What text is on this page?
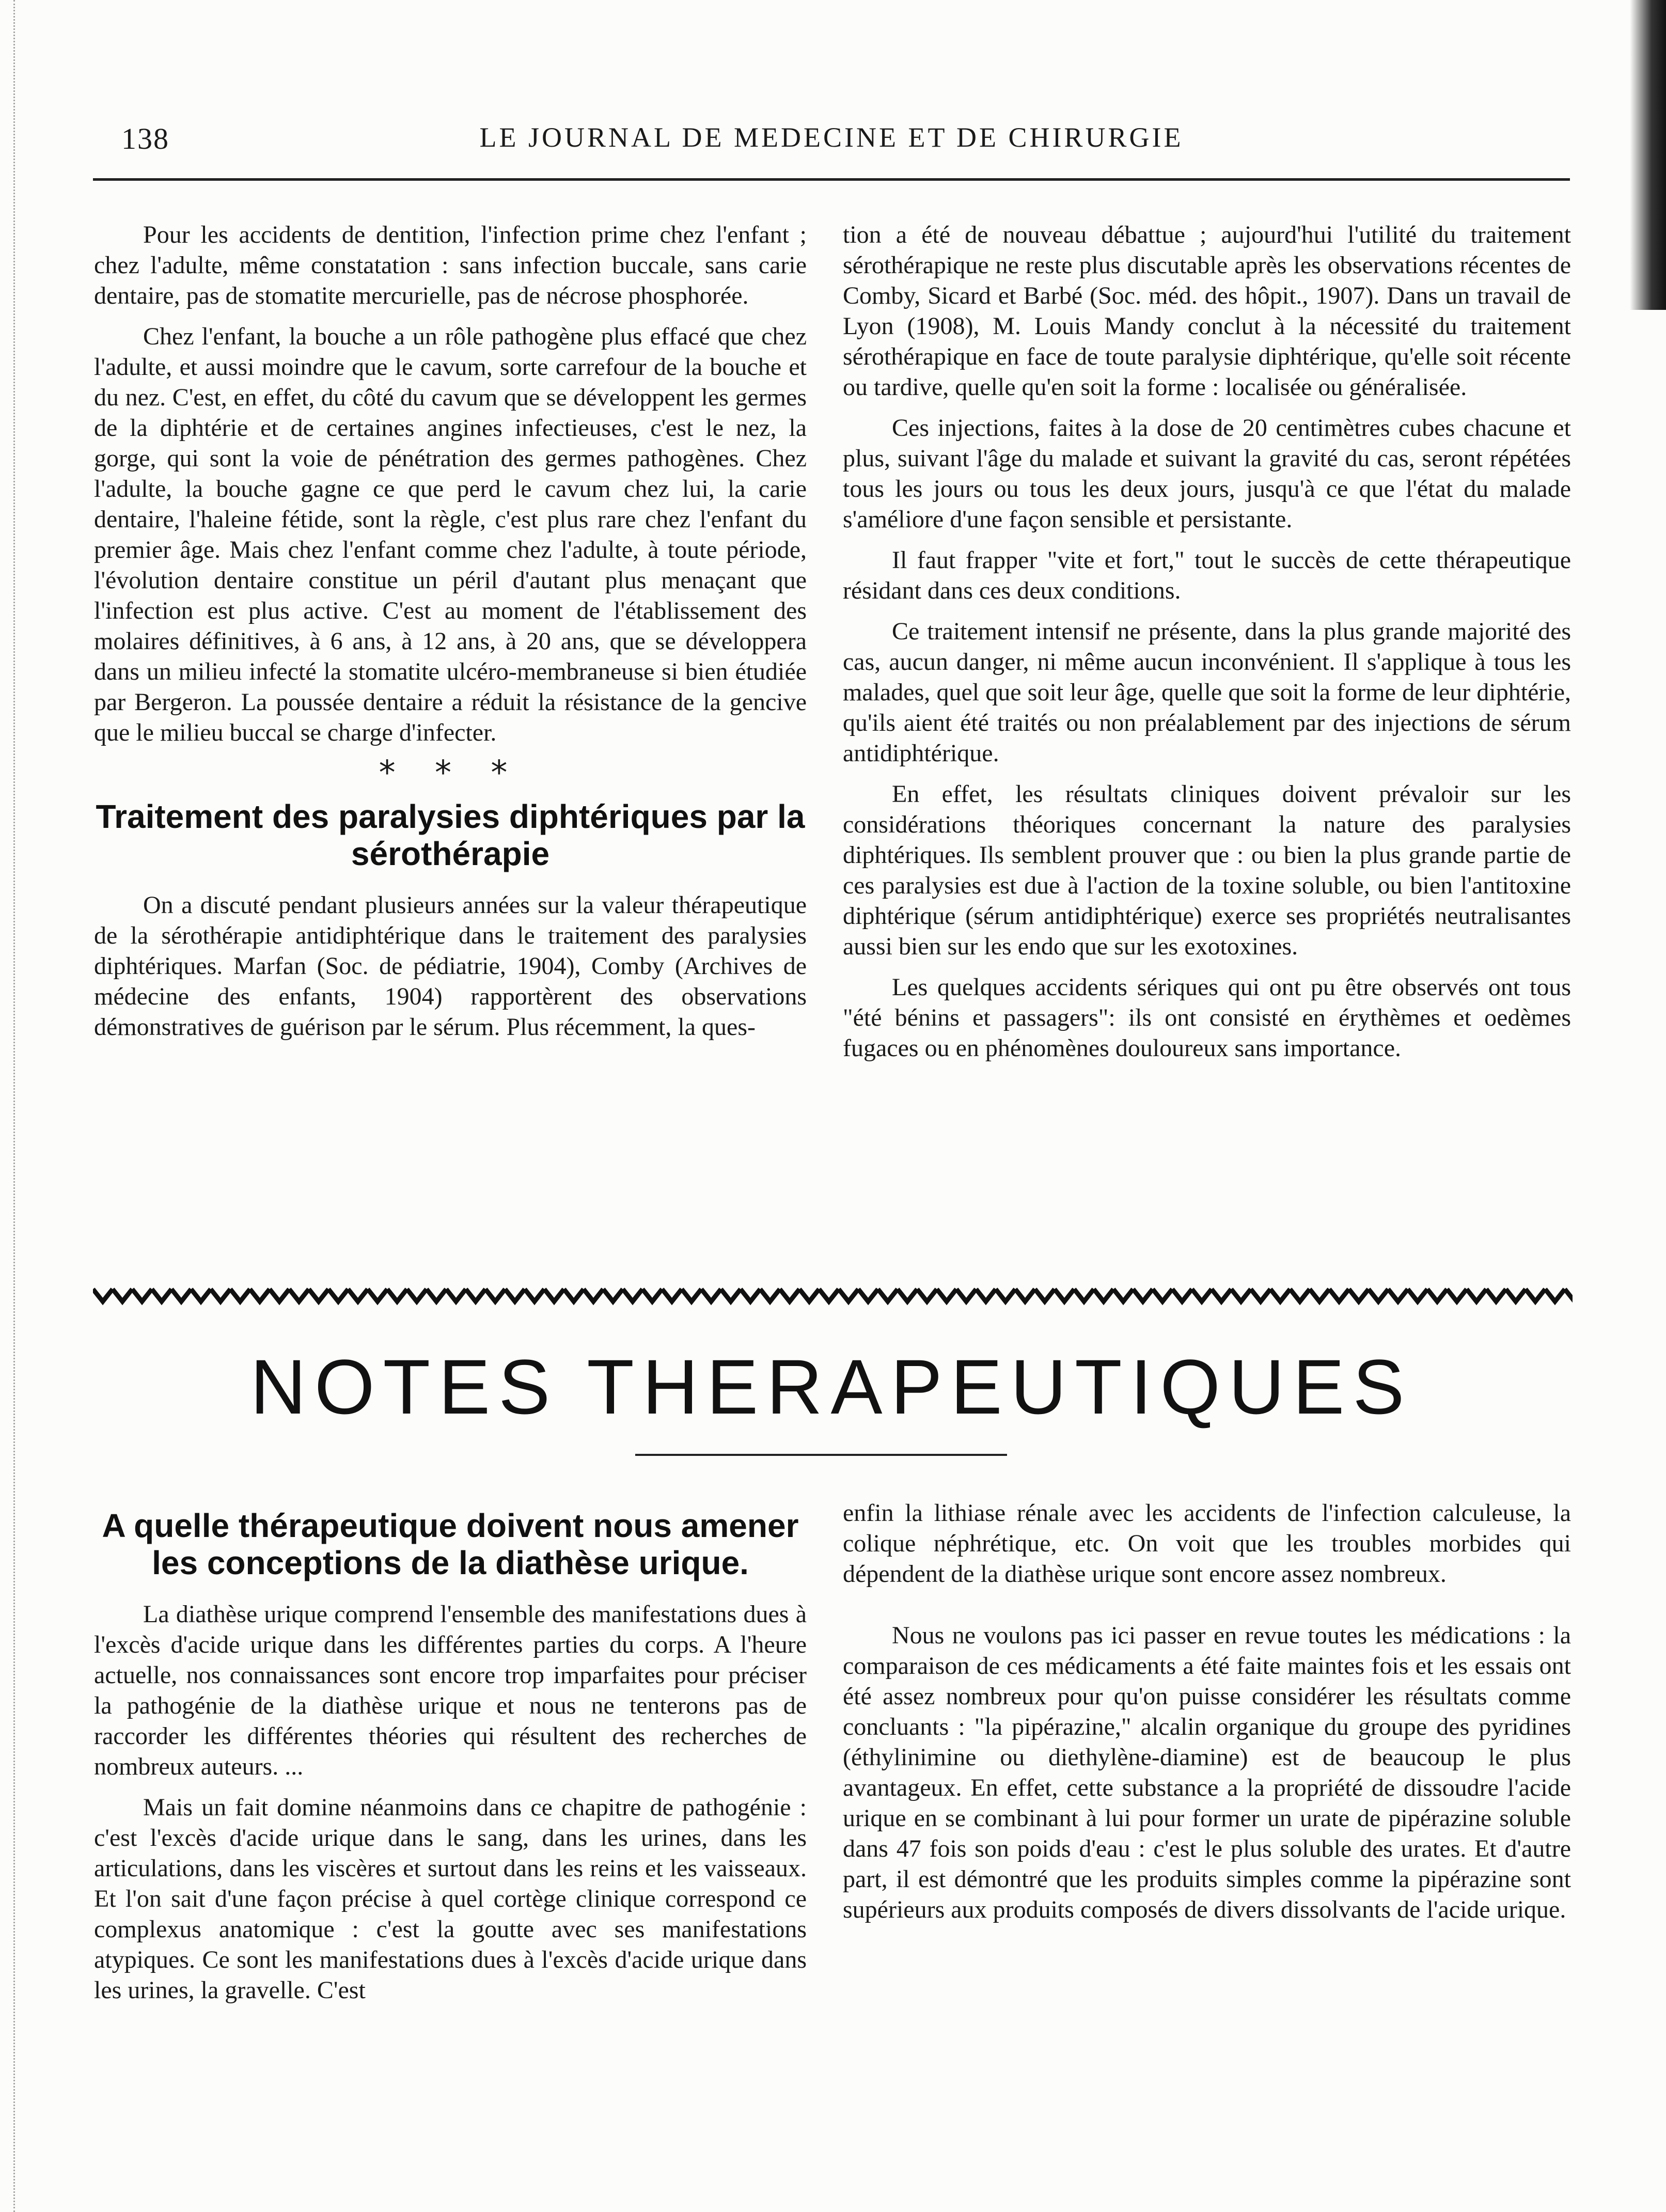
138	LE JOURNAL DE MEDECINE ET DE CHIRURGIE

Pour les accidents de dentition, l'infection prime chez l'enfant ; chez l'adulte, même constatation : sans infection buccale, sans carie dentaire, pas de stomatite mercurielle, pas de nécrose phosphorée.

Chez l'enfant, la bouche a un rôle pathogène plus effacé que chez l'adulte, et aussi moindre que le cavum, sorte carrefour de la bouche et du nez. C'est, en effet, du côté du cavum que se développent les germes de la diphtérie et de certaines angines infectieuses, c'est le nez, la gorge, qui sont la voie de pénétration des germes pathogènes. Chez l'adulte, la bouche gagne ce que perd le cavum chez lui, la carie dentaire, l'haleine fétide, sont la règle, c'est plus rare chez l'enfant du premier âge. Mais chez l'enfant comme chez l'adulte, à toute période, l'évolution dentaire constitue un péril d'autant plus menaçant que l'infection est plus active. C'est au moment de l'établissement des molaires définitives, à 6 ans, à 12 ans, à 20 ans, que se développera dans un milieu infecté la stomatite ulcéro-membraneuse si bien étudiée par Bergeron. La poussée dentaire a réduit la résistance de la gencive que le milieu buccal se charge d'infecter.

* * *
Traitement des paralysies diphtériques par la sérothérapie

On a discuté pendant plusieurs années sur la valeur thérapeutique de la sérothérapie antidiphtérique dans le traitement des paralysies diphtériques. Marfan (Soc. de pédiatrie, 1904), Comby (Archives de médecine des enfants, 1904) rapportèrent des observations démonstratives de guérison par le sérum. Plus récemment, la ques-

tion a été de nouveau débattue ; aujourd'hui l'utilité du traitement sérothérapique ne reste plus discutable après les observations récentes de Comby, Sicard et Barbé (Soc. méd. des hôpit., 1907). Dans un travail de Lyon (1908), M. Louis Mandy conclut à la nécessité du traitement sérothérapique en face de toute paralysie diphtérique, qu'elle soit récente ou tardive, quelle qu'en soit la forme : localisée ou généralisée.

Ces injections, faites à la dose de 20 centimètres cubes chacune et plus, suivant l'âge du malade et suivant la gravité du cas, seront répétées tous les jours ou tous les deux jours, jusqu'à ce que l'état du malade s'améliore d'une façon sensible et persistante.

Il faut frapper "vite et fort," tout le succès de cette thérapeutique résidant dans ces deux conditions.

Ce traitement intensif ne présente, dans la plus grande majorité des cas, aucun danger, ni même aucun inconvénient. Il s'applique à tous les malades, quel que soit leur âge, quelle que soit la forme de leur diphtérie, qu'ils aient été traités ou non préalablement par des injections de sérum antidiphtérique.

En effet, les résultats cliniques doivent prévaloir sur les considérations théoriques concernant la nature des paralysies diphtériques. Ils semblent prouver que : ou bien la plus grande partie de ces paralysies est due à l'action de la toxine soluble, ou bien l'antitoxine diphtérique (sérum antidiphtérique) exerce ses propriétés neutralisantes aussi bien sur les endo que sur les exotoxines.

Les quelques accidents sériques qui ont pu être observés ont tous "été bénins et passagers": ils ont consisté en érythèmes et oedèmes fugaces ou en phénomènes douloureux sans importance.

NOTES THERAPEUTIQUES
A quelle thérapeutique doivent nous amener les conceptions de la diathèse urique.

La diathèse urique comprend l'ensemble des manifestations dues à l'excès d'acide urique dans les différentes parties du corps. A l'heure actuelle, nos connaissances sont encore trop imparfaites pour préciser la pathogénie de la diathèse urique et nous ne tenterons pas de raccorder les différentes théories qui résultent des recherches de nombreux auteurs. ...

Mais un fait domine néanmoins dans ce chapitre de pathogénie : c'est l'excès d'acide urique dans le sang, dans les urines, dans les articulations, dans les viscères et surtout dans les reins et les vaisseaux. Et l'on sait d'une façon précise à quel cortège clinique correspond ce complexus anatomique : c'est la goutte avec ses manifestations atypiques. Ce sont les manifestations dues à l'excès d'acide urique dans les urines, la gravelle. C'est

enfin la lithiase rénale avec les accidents de l'infection calculeuse, la colique néphrétique, etc. On voit que les troubles morbides qui dépendent de la diathèse urique sont encore assez nombreux.

Nous ne voulons pas ici passer en revue toutes les médications : la comparaison de ces médicaments a été faite maintes fois et les essais ont été assez nombreux pour qu'on puisse considérer les résultats comme concluants : "la pipérazine," alcalin organique du groupe des pyridines (éthylinimine ou diethylène-diamine) est de beaucoup le plus avantageux. En effet, cette substance a la propriété de dissoudre l'acide urique en se combinant à lui pour former un urate de pipérazine soluble dans 47 fois son poids d'eau : c'est le plus soluble des urates. Et d'autre part, il est démontré que les produits simples comme la pipérazine sont supérieurs aux produits composés de divers dissolvants de l'acide urique.
